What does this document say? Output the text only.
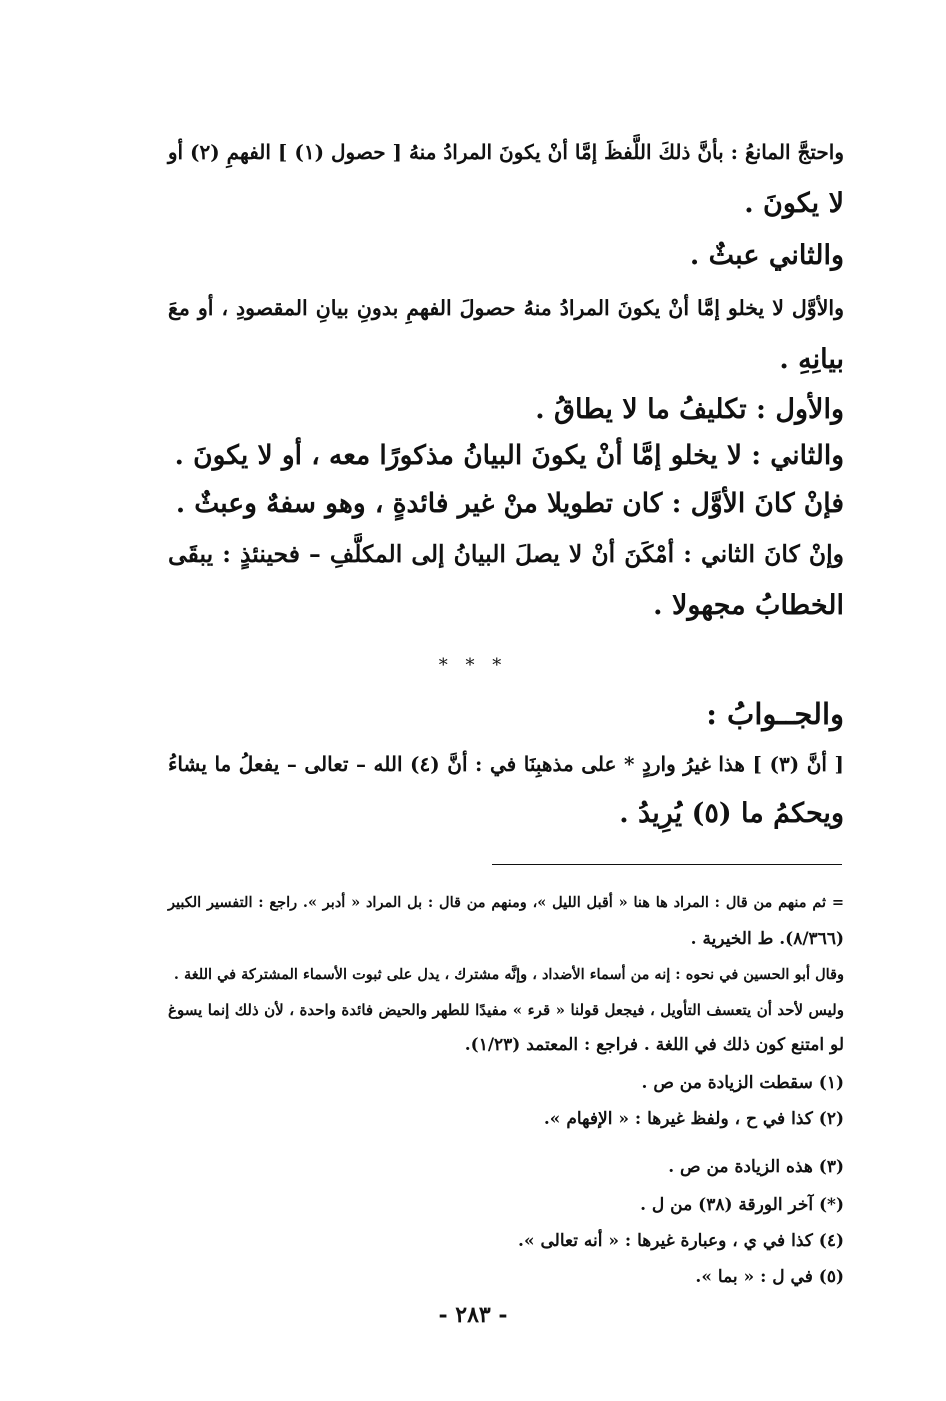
واحتجَّ المانعُ : بأنَّ ذلكَ اللَّفظَ إمَّا أنْ يكونَ المرادُ منهُ [ حصول (١) ] الفهمِ (٢) أو
لا يكونَ .
والثاني عبثٌ .
والأوَّل لا يخلو إمَّا أنْ يكونَ المرادُ منهُ حصولَ الفهمِ بدونِ بيانِ المقصودِ ، أو معَ
بيانِهِ .
والأول : تكليفُ ما لا يطاقُ .
والثاني : لا يخلو إمَّا أنْ يكونَ البيانُ مذكورًا معه ، أو لا يكونَ .
فإنْ كانَ الأوَّل : كان تطويلا منْ غير فائدةٍ ، وهو سفهٌ وعبثٌ .
وإنْ كانَ الثاني : أمْكَنَ أنْ لا يصلَ البيانُ إلى المكلَّفِ – فحينئذٍ : يبقَى
الخطابُ مجهولا .
والجــوابُ :
[ أنَّ (٣) ] هذا غيرُ واردٍ * على مذهبِنَا في : أنَّ (٤) الله – تعالى – يفعلُ ما يشاءُ
ويحكمُ ما (٥) يُرِيدُ .
* * *
= ثم منهم من قال : المراد ها هنا « أقبل الليل »، ومنهم من قال : بل المراد « أدبر ». راجع : التفسير الكبير
(٨/٣٦٦). ط الخيرية .
وقال أبو الحسين في نحوه : إنه من أسماء الأضداد ، وإنَّه مشترك ، يدل على ثبوت الأسماء المشتركة في اللغة .
وليس لأحد أن يتعسف التأويل ، فيجعل قولنا « قرء » مفيدًا للطهر والحيض فائدة واحدة ، لأن ذلك إنما يسوغ
لو امتنع كون ذلك في اللغة . فراجع : المعتمد (١/٢٣).
(١) سقطت الزيادة من ص .
(٢) كذا في ح ، ولفظ غيرها : « الإفهام ».
(٣) هذه الزيادة من ص .
(*) آخر الورقة (٣٨) من ل .
(٤) كذا في ي ، وعبارة غيرها : « أنه تعالى ».
(٥) في ل : « بما ».
- ٢٨٣ -
